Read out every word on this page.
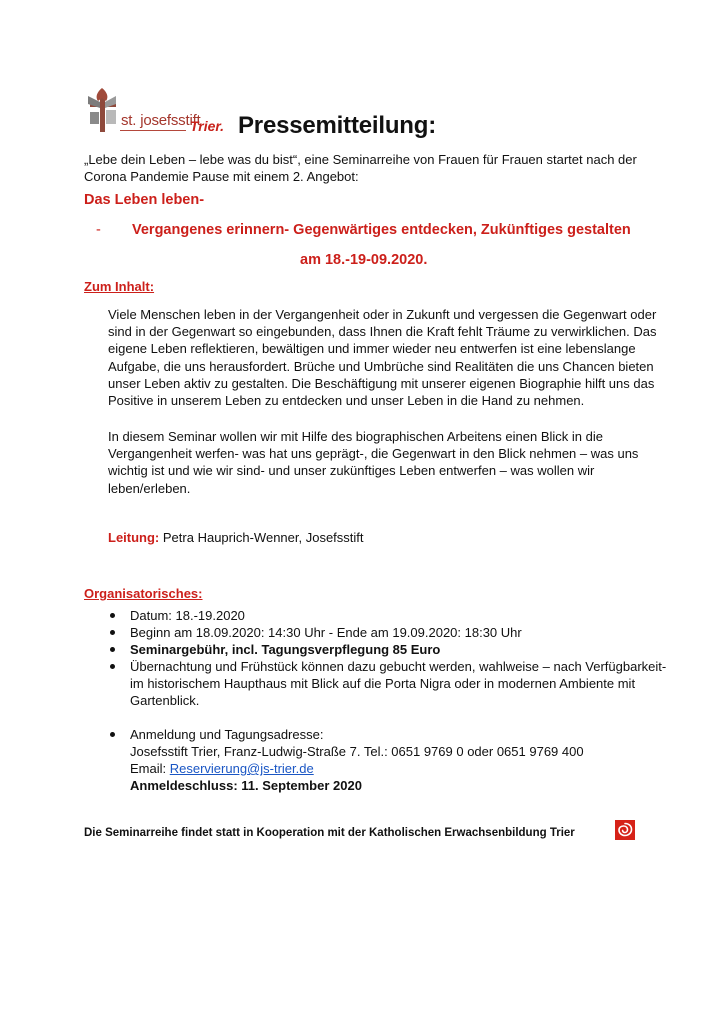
st. josefsstift
Trier. Pressemitteilung:
„Lebe dein Leben – lebe was du bist“, eine Seminarreihe von Frauen für Frauen startet nach der Corona Pandemie Pause mit einem 2. Angebot:
Das Leben leben-
- Vergangenes erinnern- Gegenwärtiges entdecken, Zukünftiges gestalten
am 18.-19-09.2020.
Zum Inhalt:
Viele Menschen leben in der Vergangenheit oder in Zukunft und vergessen die Gegenwart oder sind in der Gegenwart so eingebunden, dass Ihnen die Kraft fehlt Träume zu verwirklichen. Das eigene Leben reflektieren, bewältigen und immer wieder neu entwerfen ist eine lebenslange Aufgabe, die uns herausfordert. Brüche und Umbrüche sind Realitäten die uns Chancen bieten unser Leben aktiv zu gestalten. Die Beschäftigung mit unserer eigenen Biographie hilft uns das Positive in unserem Leben zu entdecken und unser Leben in die Hand zu nehmen.
In diesem Seminar wollen wir mit Hilfe des biographischen Arbeitens einen Blick in die Vergangenheit werfen- was hat uns geprägt-, die Gegenwart in den Blick nehmen – was uns wichtig ist und wie wir sind- und unser zukünftiges Leben entwerfen – was wollen wir leben/erleben.
Leitung: Petra Hauprich-Wenner, Josefsstift
Organisatorisches:
Datum: 18.-19.2020
Beginn am 18.09.2020: 14:30 Uhr - Ende am 19.09.2020: 18:30 Uhr
Seminargebühr, incl. Tagungsverpflegung 85 Euro
Übernachtung und Frühstück können dazu gebucht werden, wahlweise – nach Verfügbarkeit- im historischem Haupthaus mit Blick auf die Porta Nigra oder in modernen Ambiente mit Gartenblick.
Anmeldung und Tagungsadresse:
Josefsstift Trier, Franz-Ludwig-Straße 7. Tel.: 0651 9769 0 oder 0651 9769 400
Email: Reservierung@js-trier.de
Anmeldeschluss: 11. September 2020
Die Seminarreihe findet statt in Kooperation mit der Katholischen Erwachsenbildung Trier
